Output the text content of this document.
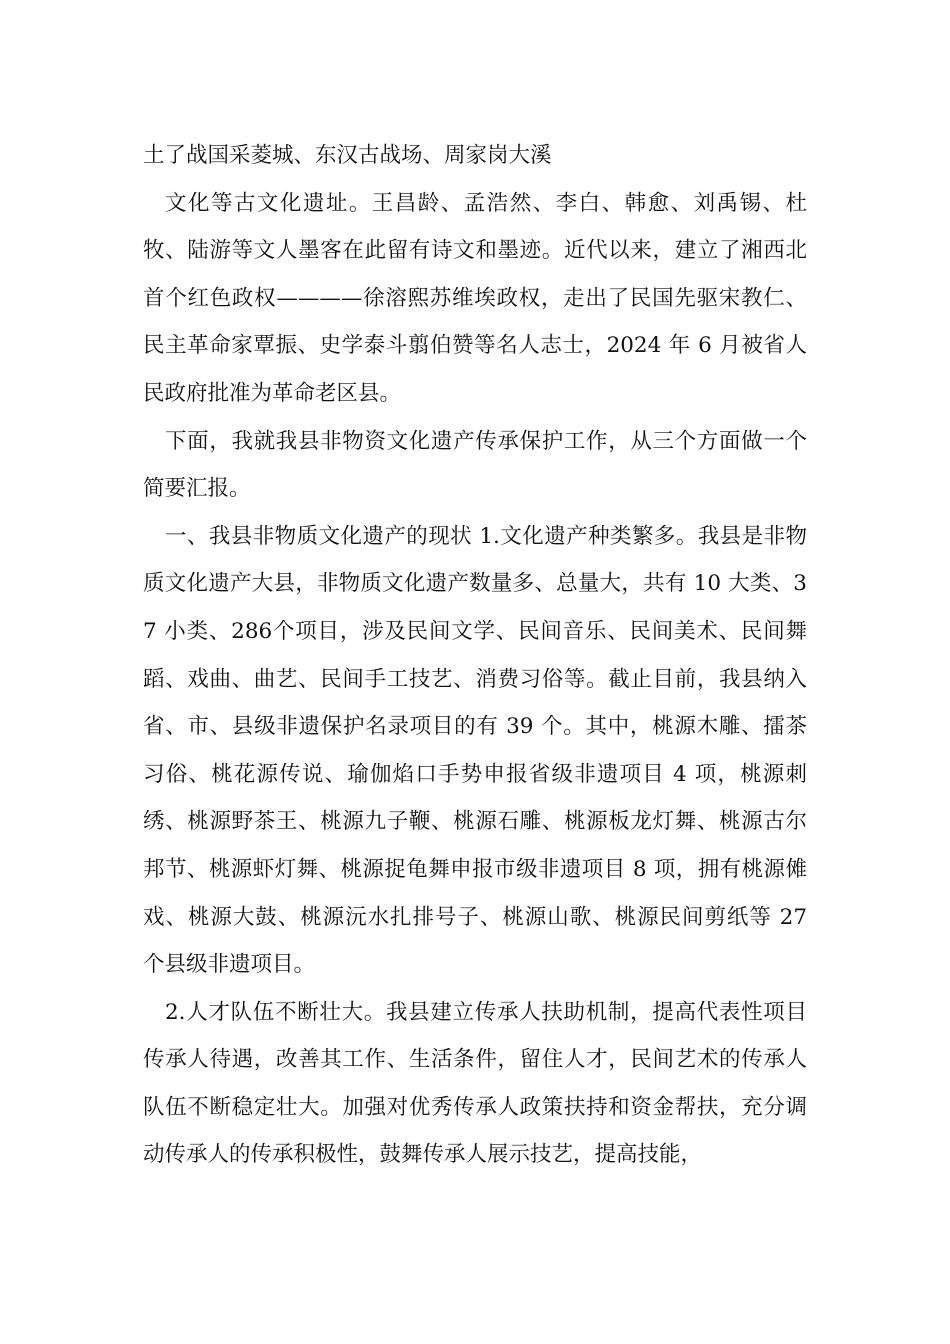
土了战国采菱城、东汉古战场、周家岗大溪

文化等古文化遗址。王昌龄、孟浩然、李白、韩愈、刘禹锡、杜牧、陆游等文人墨客在此留有诗文和墨迹。近代以来，建立了湘西北首个红色政权————徐溶熙苏维埃政权，走出了民国先驱宋教仁、民主革命家覃振、史学泰斗翦伯赞等名人志士，2024 年 6 月被省人民政府批准为革命老区县。

下面，我就我县非物资文化遗产传承保护工作，从三个方面做一个简要汇报。

一、我县非物质文化遗产的现状 1.文化遗产种类繁多。我县是非物质文化遗产大县，非物质文化遗产数量多、总量大，共有 10 大类、37 小类、286个项目，涉及民间文学、民间音乐、民间美术、民间舞蹈、戏曲、曲艺、民间手工技艺、消费习俗等。截止目前，我县纳入省、市、县级非遗保护名录项目的有 39 个。其中，桃源木雕、擂茶习俗、桃花源传说、瑜伽焰口手势申报省级非遗项目 4 项，桃源刺绣、桃源野茶王、桃源九子鞭、桃源石雕、桃源板龙灯舞、桃源古尔邦节、桃源虾灯舞、桃源捉龟舞申报市级非遗项目 8 项，拥有桃源傩戏、桃源大鼓、桃源沅水扎排号子、桃源山歌、桃源民间剪纸等 27 个县级非遗项目。

2.人才队伍不断壮大。我县建立传承人扶助机制，提高代表性项目传承人待遇，改善其工作、生活条件，留住人才，民间艺术的传承人队伍不断稳定壮大。加强对优秀传承人政策扶持和资金帮扶，充分调动传承人的传承积极性，鼓舞传承人展示技艺，提高技能，
